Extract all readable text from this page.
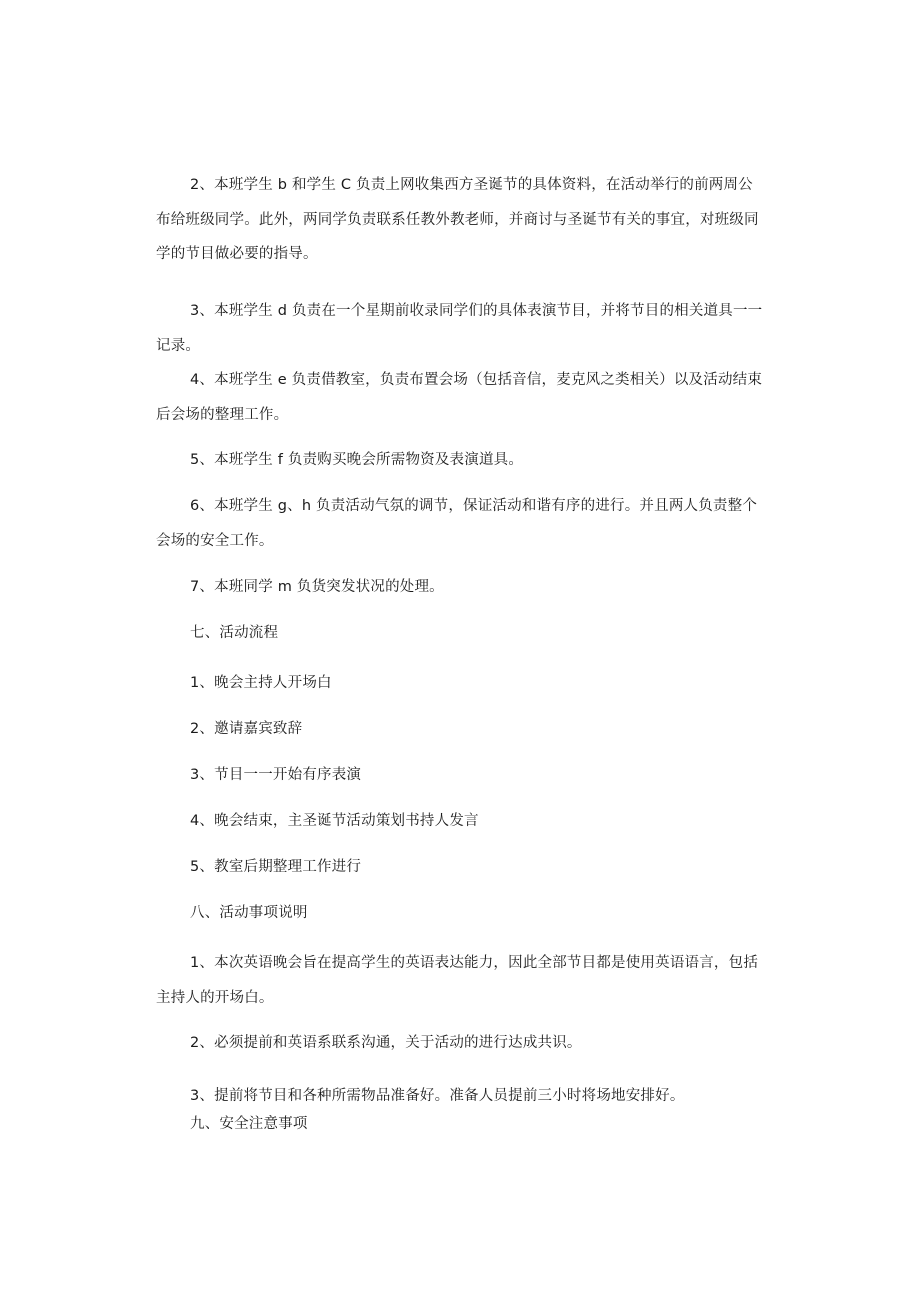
2、本班学生 b 和学生 C 负责上网收集西方圣诞节的具体资料，在活动举行的前两周公布给班级同学。此外，两同学负责联系任教外教老师，并商讨与圣诞节有关的事宜，对班级同学的节目做必要的指导。

3、本班学生 d 负责在一个星期前收录同学们的具体表演节目，并将节目的相关道具一一记录。

4、本班学生 e 负责借教室，负责布置会场（包括音信，麦克风之类相关）以及活动结束后会场的整理工作。

5、本班学生 f 负责购买晚会所需物资及表演道具。

6、本班学生 g、h 负责活动气氛的调节，保证活动和谐有序的进行。并且两人负责整个会场的安全工作。

7、本班同学 m 负货突发状况的处理。

七、活动流程

1、晚会主持人开场白

2、邀请嘉宾致辞

3、节目一一开始有序表演

4、晚会结束，主圣诞节活动策划书持人发言

5、教室后期整理工作进行

八、活动事项说明

1、本次英语晚会旨在提高学生的英语表达能力，因此全部节目都是使用英语语言，包括主持人的开场白。

2、必须提前和英语系联系沟通，关于活动的进行达成共识。

3、提前将节目和各种所需物品准备好。准备人员提前三小时将场地安排好。

九、安全注意事项
